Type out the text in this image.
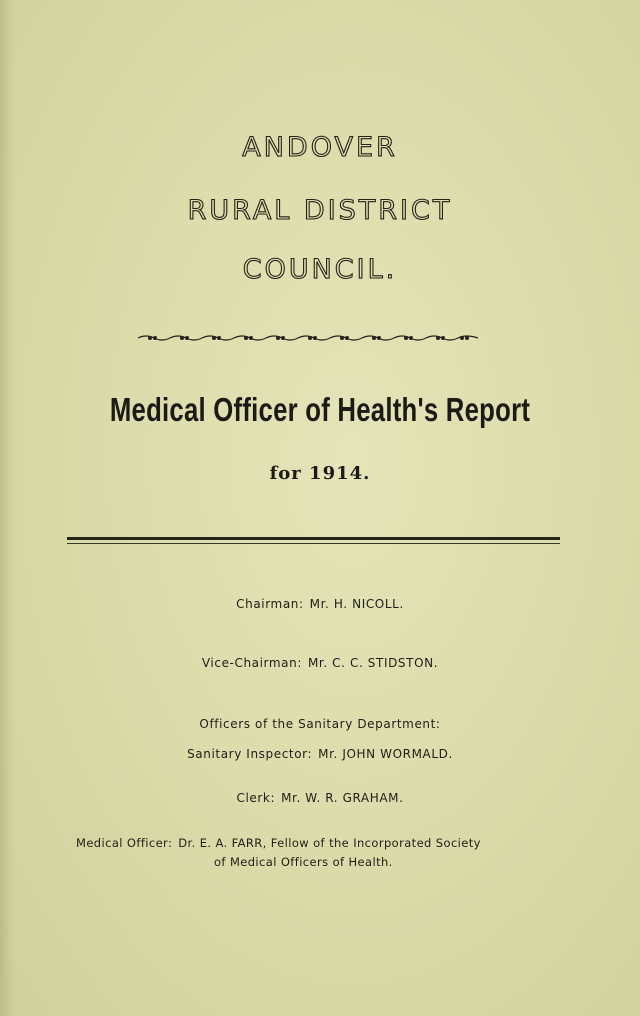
ANDOVER
RURAL DISTRICT
COUNCIL.
Medical Officer of Health's Report
for 1914.
Chairman: Mr. H. NICOLL.
Vice-Chairman: Mr. C. C. STIDSTON.
Officers of the Sanitary Department:
Sanitary Inspector: Mr. JOHN WORMALD.
Clerk: Mr. W. R. GRAHAM.
Medical Officer: Dr. E. A. FARR, Fellow of the Incorporated Society
of Medical Officers of Health.
